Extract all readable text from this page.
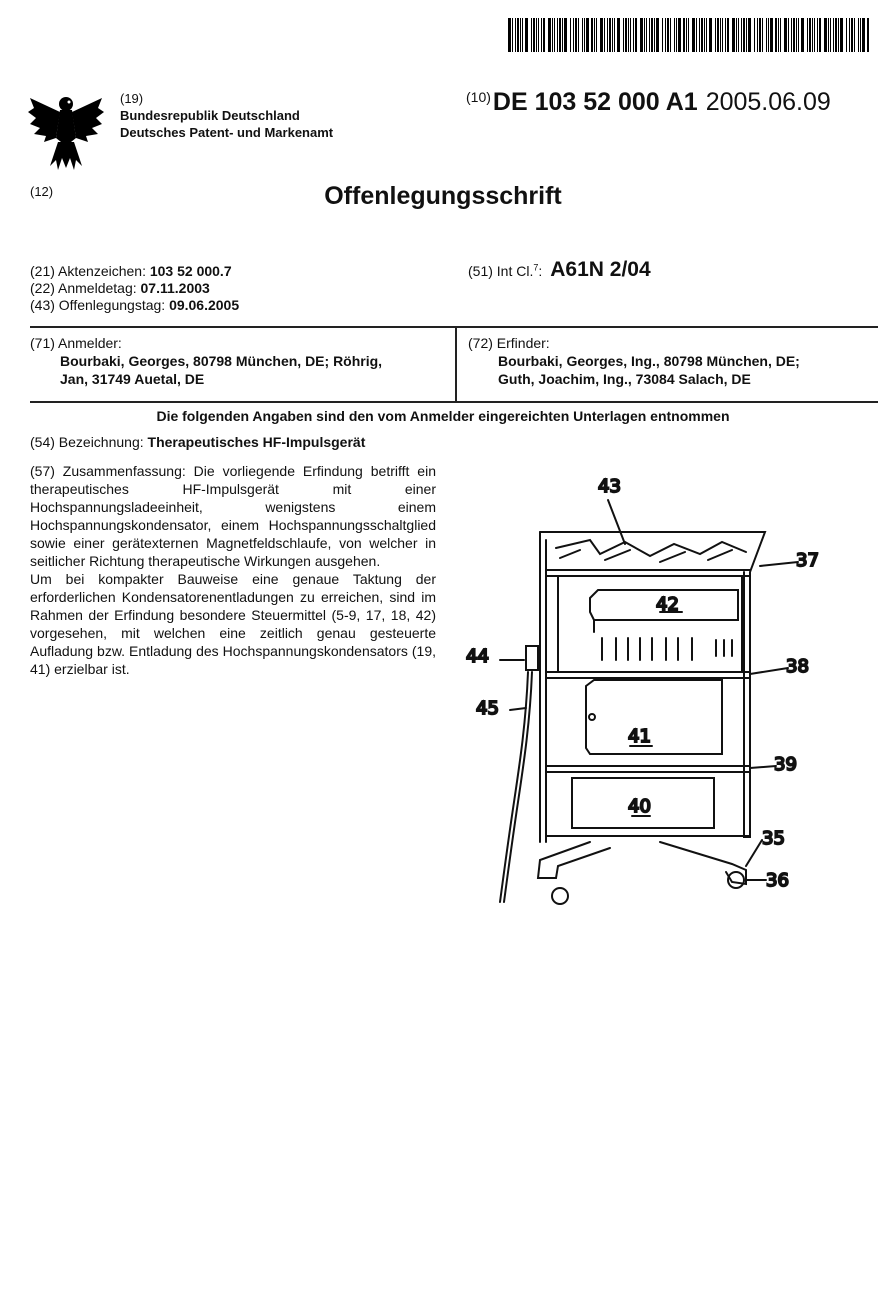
(19)
Bundesrepublik Deutschland
Deutsches Patent- und Markenamt
$^{(10)}$DE 103 52 000 A1 2005.06.09
(12)	Offenlegungsschrift
(21) Aktenzeichen: 103 52 000.7
(22) Anmeldetag: 07.11.2003
(43) Offenlegungstag: 09.06.2005
(51) Int Cl.$^7$: A61N 2/04
(71) Anmelder:
Bourbaki, Georges, 80798 München, DE; Röhrig,
Jan, 31749 Auetal, DE
(72) Erfinder:
Bourbaki, Georges, Ing., 80798 München, DE;
Guth, Joachim, Ing., 73084 Salach, DE
Die folgenden Angaben sind den vom Anmelder eingereichten Unterlagen entnommen
(54) Bezeichnung: Therapeutisches HF-Impulsgerät

(57) Zusammenfassung: Die vorliegende Erfindung betrifft ein therapeutisches HF-Impulsgerät mit einer Hochspannungsladeeinheit, wenigstens einem Hochspannungskondensator, einem Hochspannungsschaltglied sowie einer gerätexternen Magnetfeldschlaufe, von welcher in seitlicher Richtung therapeutische Wirkungen ausgehen.

Um bei kompakter Bauweise eine genaue Taktung der erforderlichen Kondensatorenentladungen zu erreichen, sind im Rahmen der Erfindung besondere Steuermittel (5-9, 17, 18, 42) vorgesehen, mit welchen eine zeitlich genau gesteuerte Aufladung bzw. Entladung des Hochspannungskondensators (19, 41) erzielbar ist.

43
37
42
44	38
45
41
39
40
35
36
